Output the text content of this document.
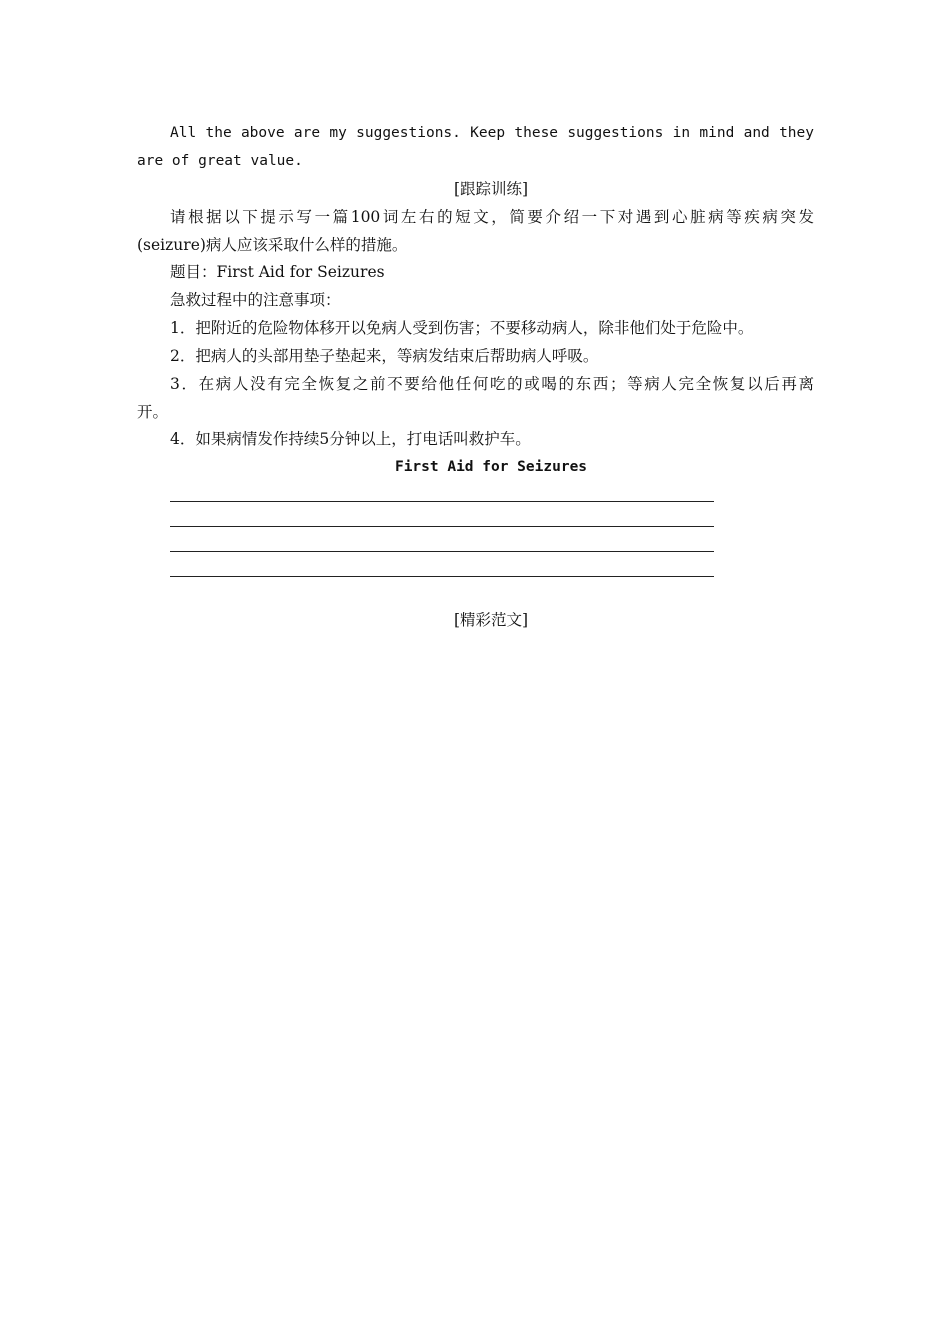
All the above are my suggestions. Keep these suggestions in mind and they
are of great value.
[跟踪训练]
请根据以下提示写一篇100词左右的短文，简要介绍一下对遇到心脏病等疾病突发
(seizure)病人应该采取什么样的措施。
题目：First Aid for Seizures
急救过程中的注意事项：
1．把附近的危险物体移开以免病人受到伤害；不要移动病人，除非他们处于危险中。
2．把病人的头部用垫子垫起来，等病发结束后帮助病人呼吸。
3．在病人没有完全恢复之前不要给他任何吃的或喝的东西；等病人完全恢复以后再离
开。
4．如果病情发作持续5分钟以上，打电话叫救护车。
First Aid for Seizures
[精彩范文]
